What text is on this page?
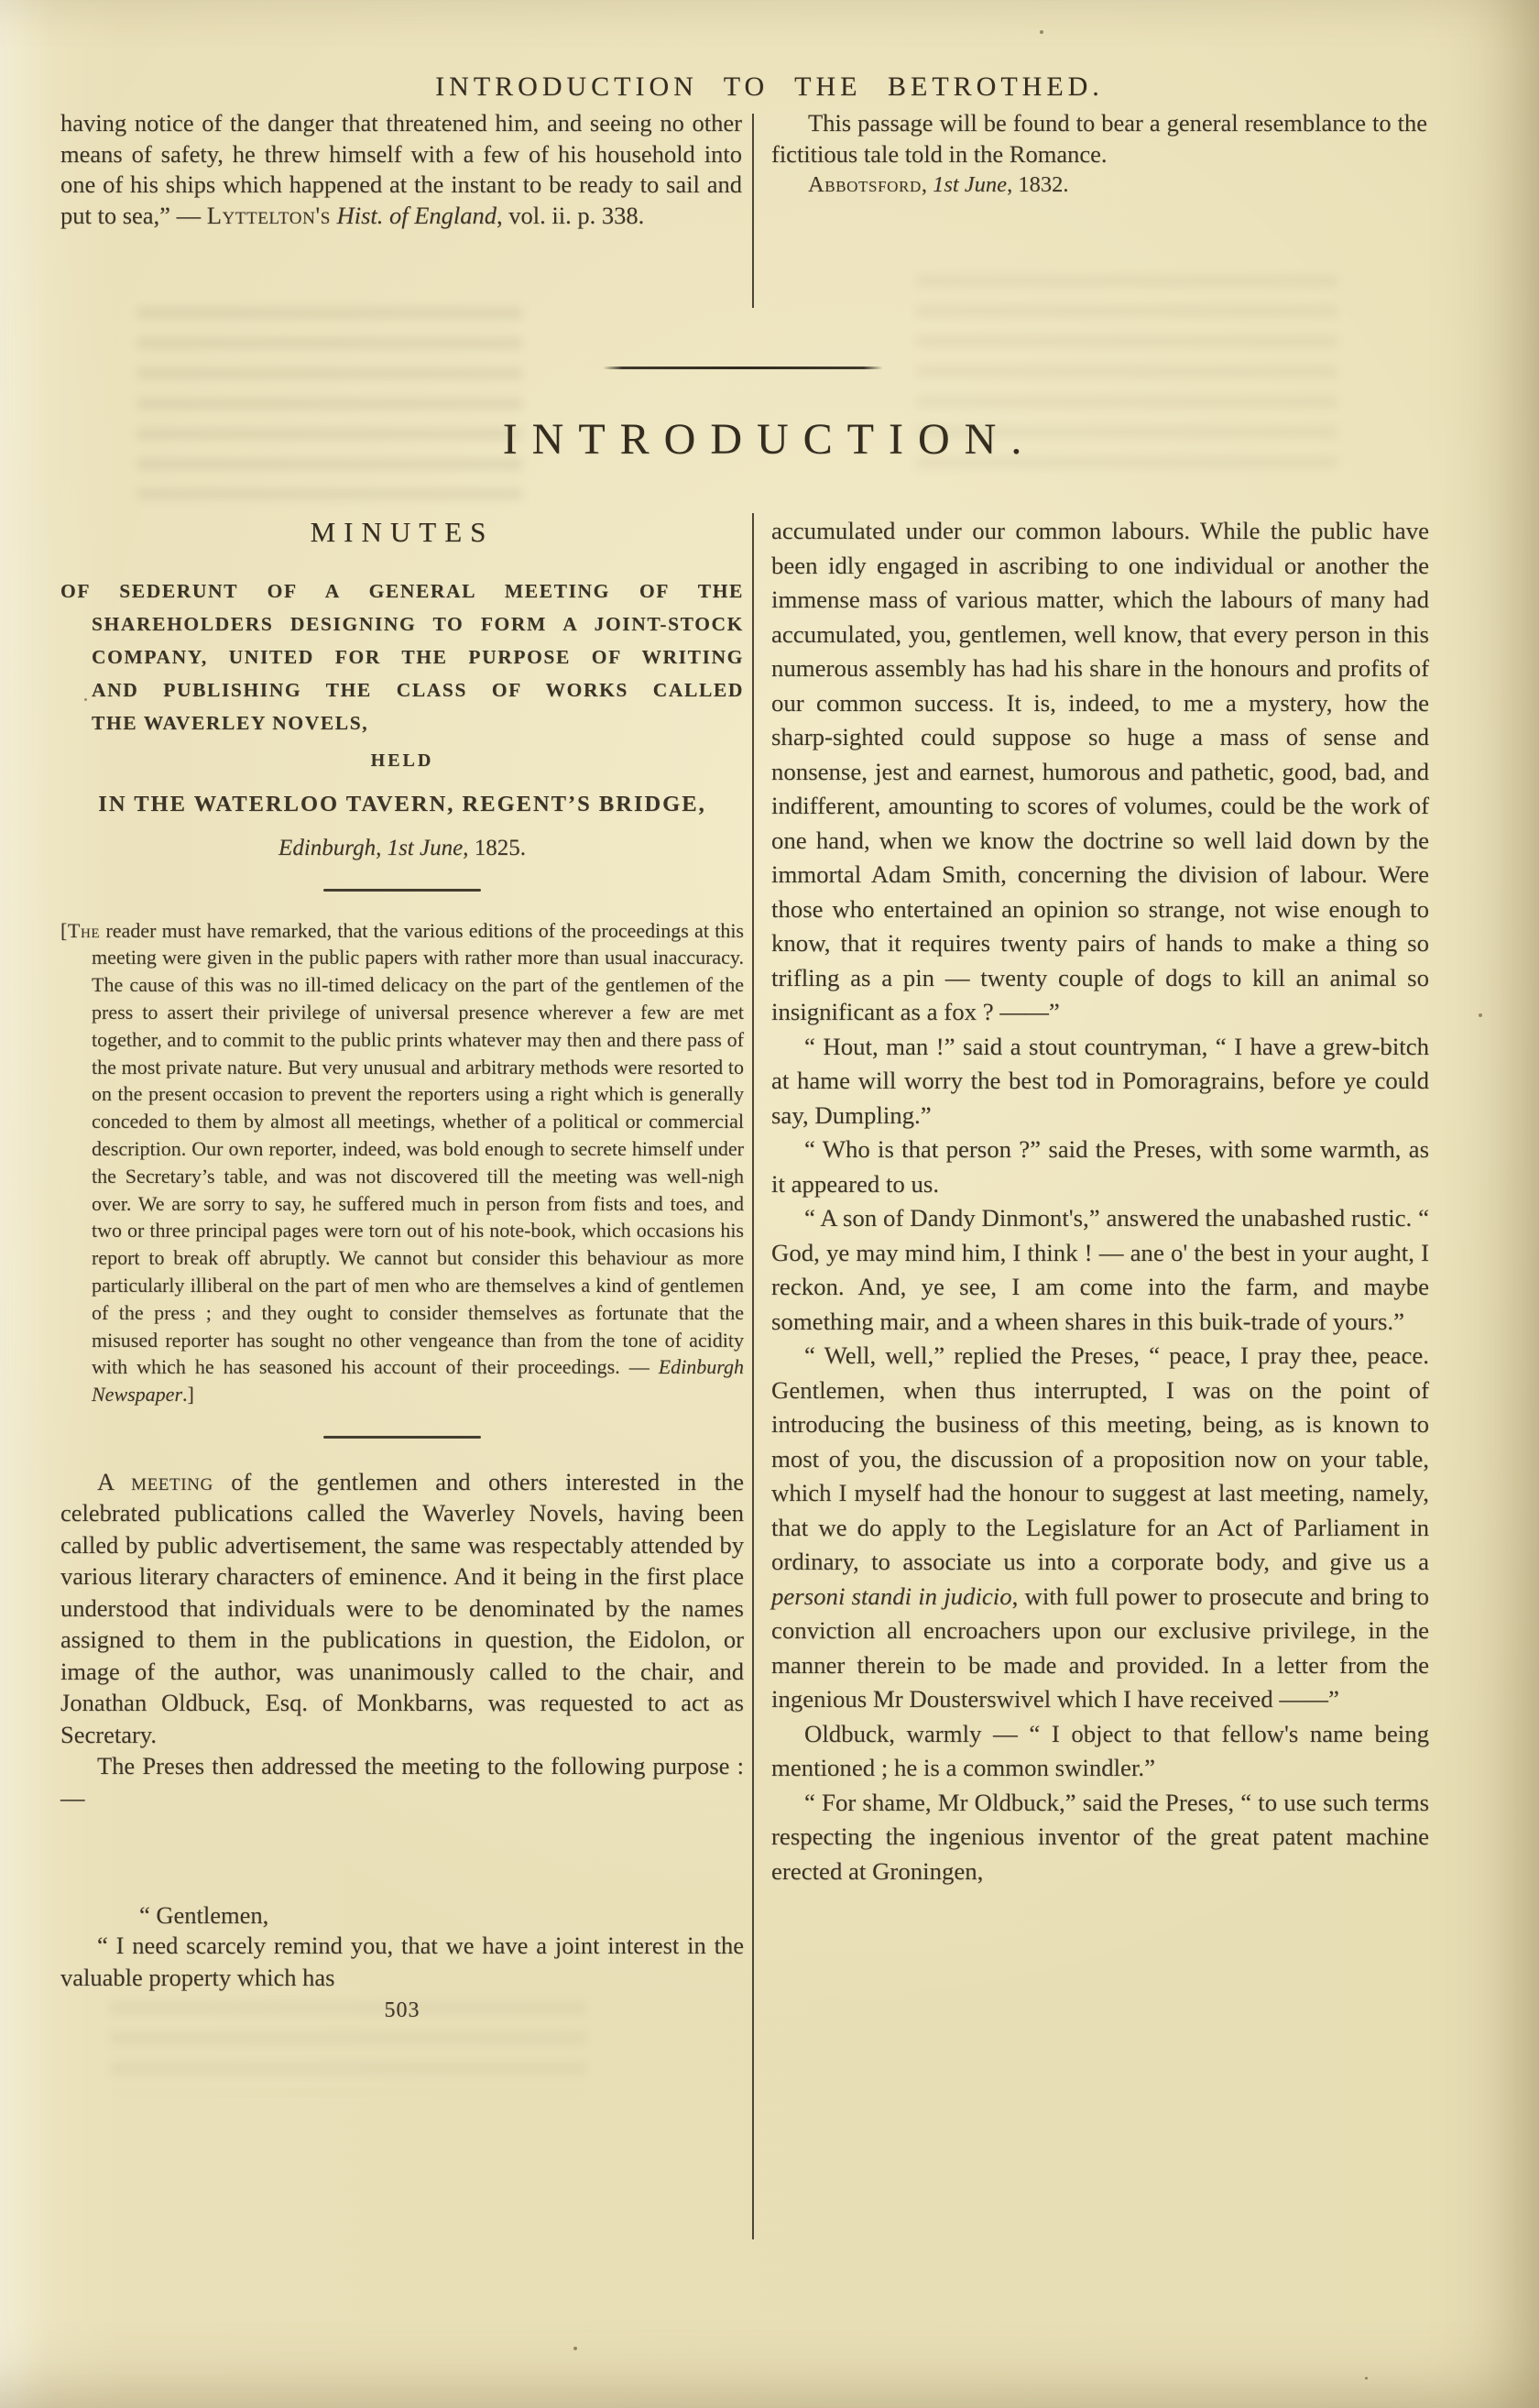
INTRODUCTION TO THE BETROTHED.

having notice of the danger that threatened him, and seeing no other means of safety, he threw himself with a few of his household into one of his ships which happened at the instant to be ready to sail and put to sea,” — Lyttelton's Hist. of England, vol. ii. p. 338.

This passage will be found to bear a general resemblance to the fictitious tale told in the Romance.

Abbotsford, 1st June, 1832.

INTRODUCTION.
MINUTES
OF SEDERUNT OF A GENERAL MEETING OF THE
SHAREHOLDERS DESIGNING TO FORM A JOINT-STOCK
COMPANY, UNITED FOR THE PURPOSE OF WRITING
AND PUBLISHING THE CLASS OF WORKS CALLED
THE WAVERLEY NOVELS,
HELD
IN THE WATERLOO TAVERN, REGENT’S BRIDGE,
Edinburgh, 1st June, 1825.

[The reader must have remarked, that the various editions of the proceedings at this meeting were given in the public papers with rather more than usual inaccuracy. The cause of this was no ill-timed delicacy on the part of the gentlemen of the press to assert their privilege of universal presence wherever a few are met together, and to commit to the public prints whatever may then and there pass of the most private nature. But very unusual and arbitrary methods were resorted to on the present occasion to prevent the reporters using a right which is generally conceded to them by almost all meetings, whether of a political or commercial description. Our own reporter, indeed, was bold enough to secrete himself under the Secretary’s table, and was not discovered till the meeting was well-nigh over. We are sorry to say, he suffered much in person from fists and toes, and two or three principal pages were torn out of his note-book, which occasions his report to break off abruptly. We cannot but consider this behaviour as more particularly illiberal on the part of men who are themselves a kind of gentlemen of the press ; and they ought to consider themselves as fortunate that the misused reporter has sought no other vengeance than from the tone of acidity with which he has seasoned his account of their proceedings. — Edinburgh Newspaper.]

A meeting of the gentlemen and others interested in the celebrated publications called the Waverley Novels, having been called by public advertisement, the same was respectably attended by various literary characters of eminence. And it being in the first place understood that individuals were to be denominated by the names assigned to them in the publications in question, the Eidolon, or image of the author, was unanimously called to the chair, and Jonathan Oldbuck, Esq. of Monkbarns, was requested to act as Secretary.

The Preses then addressed the meeting to the following purpose :—

“ Gentlemen,

“ I need scarcely remind you, that we have a joint interest in the valuable property which has

503

accumulated under our common labours. While the public have been idly engaged in ascribing to one individual or another the immense mass of various matter, which the labours of many had accumulated, you, gentlemen, well know, that every person in this numerous assembly has had his share in the honours and profits of our common success. It is, indeed, to me a mystery, how the sharp-sighted could suppose so huge a mass of sense and nonsense, jest and earnest, humorous and pathetic, good, bad, and indifferent, amounting to scores of volumes, could be the work of one hand, when we know the doctrine so well laid down by the immortal Adam Smith, concerning the division of labour. Were those who entertained an opinion so strange, not wise enough to know, that it requires twenty pairs of hands to make a thing so trifling as a pin — twenty couple of dogs to kill an animal so insignificant as a fox ? ——”

“ Hout, man !” said a stout countryman, “ I have a grew-bitch at hame will worry the best tod in Pomoragrains, before ye could say, Dumpling.”

“ Who is that person ?” said the Preses, with some warmth, as it appeared to us.

“ A son of Dandy Dinmont's,” answered the unabashed rustic. “ God, ye may mind him, I think ! — ane o' the best in your aught, I reckon. And, ye see, I am come into the farm, and maybe something mair, and a wheen shares in this buik-trade of yours.”

“ Well, well,” replied the Preses, “ peace, I pray thee, peace. Gentlemen, when thus interrupted, I was on the point of introducing the business of this meeting, being, as is known to most of you, the discussion of a proposition now on your table, which I myself had the honour to suggest at last meeting, namely, that we do apply to the Legislature for an Act of Parliament in ordinary, to associate us into a corporate body, and give us a personi standi in judicio, with full power to prosecute and bring to conviction all encroachers upon our exclusive privilege, in the manner therein to be made and provided. In a letter from the ingenious Mr Dousterswivel which I have received ——”

Oldbuck, warmly — “ I object to that fellow's name being mentioned ; he is a common swindler.”

“ For shame, Mr Oldbuck,” said the Preses, “ to use such terms respecting the ingenious inventor of the great patent machine erected at Groningen,
